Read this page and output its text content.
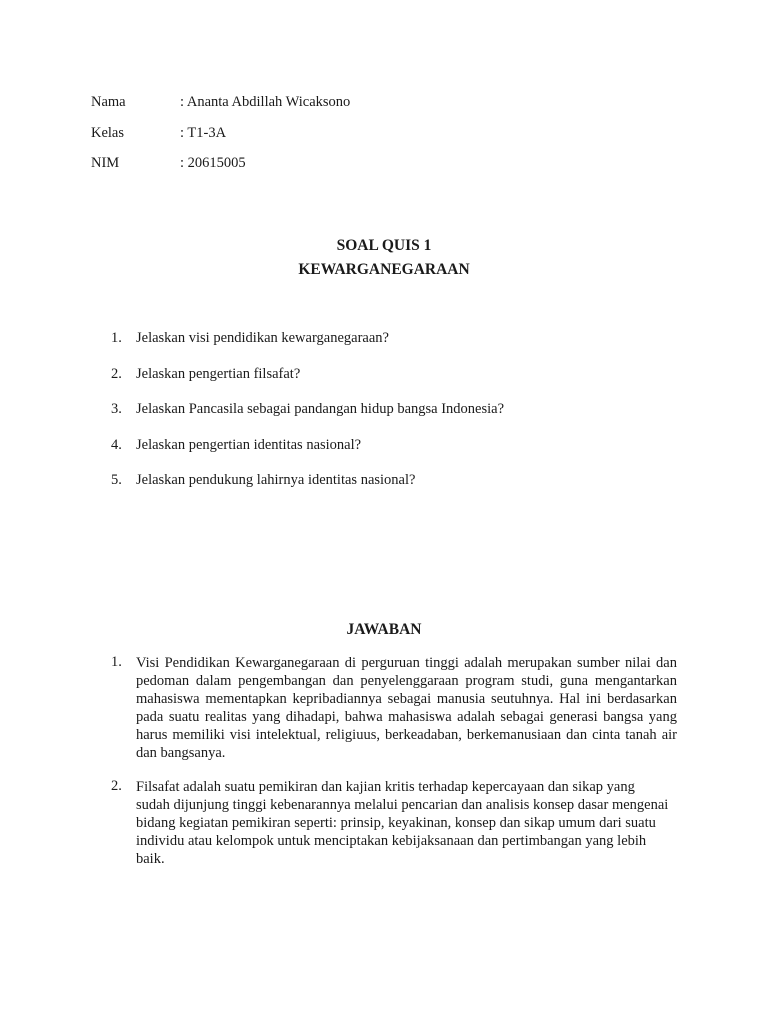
Nama	: Ananta Abdillah Wicaksono
Kelas	: T1-3A
NIM	: 20615005
SOAL QUIS 1
KEWARGANEGARAAN
1. Jelaskan visi pendidikan kewarganegaraan?
2. Jelaskan pengertian filsafat?
3. Jelaskan Pancasila sebagai pandangan hidup bangsa Indonesia?
4. Jelaskan pengertian identitas nasional?
5. Jelaskan pendukung lahirnya identitas nasional?
JAWABAN
1. Visi Pendidikan Kewarganegaraan di perguruan tinggi adalah merupakan sumber nilai dan pedoman dalam pengembangan dan penyelenggaraan program studi, guna mengantarkan mahasiswa mementapkan kepribadiannya sebagai manusia seutuhnya. Hal ini berdasarkan pada suatu realitas yang dihadapi, bahwa mahasiswa adalah sebagai generasi bangsa yang harus memiliki visi intelektual, religiuus, berkeadaban, berkemanusiaan dan cinta tanah air dan bangsanya.
2. Filsafat adalah suatu pemikiran dan kajian kritis terhadap kepercayaan dan sikap yang sudah dijunjung tinggi kebenarannya melalui pencarian dan analisis konsep dasar mengenai bidang kegiatan pemikiran seperti: prinsip, keyakinan, konsep dan sikap umum dari suatu individu atau kelompok untuk menciptakan kebijaksanaan dan pertimbangan yang lebih baik.
